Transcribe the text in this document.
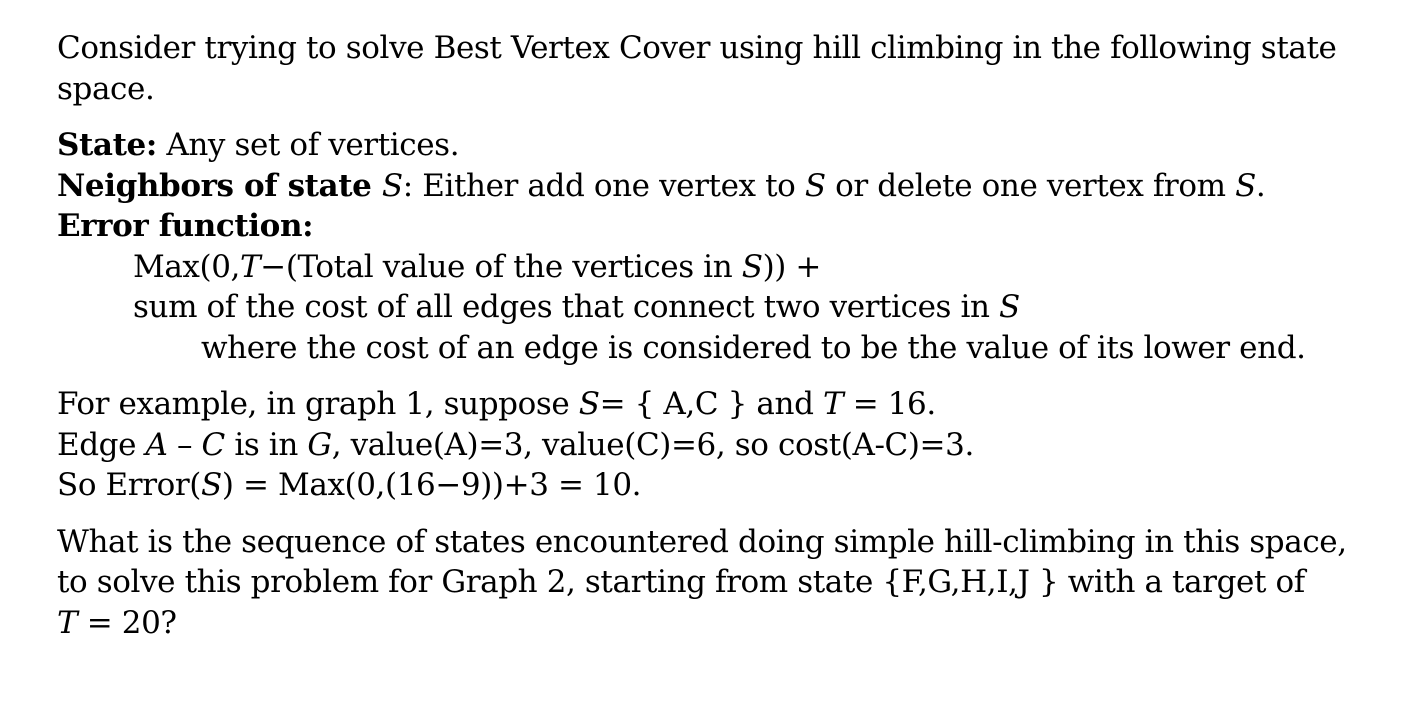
Consider trying to solve Best Vertex Cover using hill climbing in the following state
space.
State: Any set of vertices.
Neighbors of state S: Either add one vertex to S or delete one vertex from S.
Error function:
Max(0,T−(Total value of the vertices in S)) +
sum of the cost of all edges that connect two vertices in S
where the cost of an edge is considered to be the value of its lower end.
For example, in graph 1, suppose S= { A,C } and T = 16.
Edge A – C is in G, value(A)=3, value(C)=6, so cost(A-C)=3.
So Error(S) = Max(0,(16−9))+3 = 10.
What is the sequence of states encountered doing simple hill-climbing in this space,
to solve this problem for Graph 2, starting from state {F,G,H,I,J } with a target of
T = 20?
